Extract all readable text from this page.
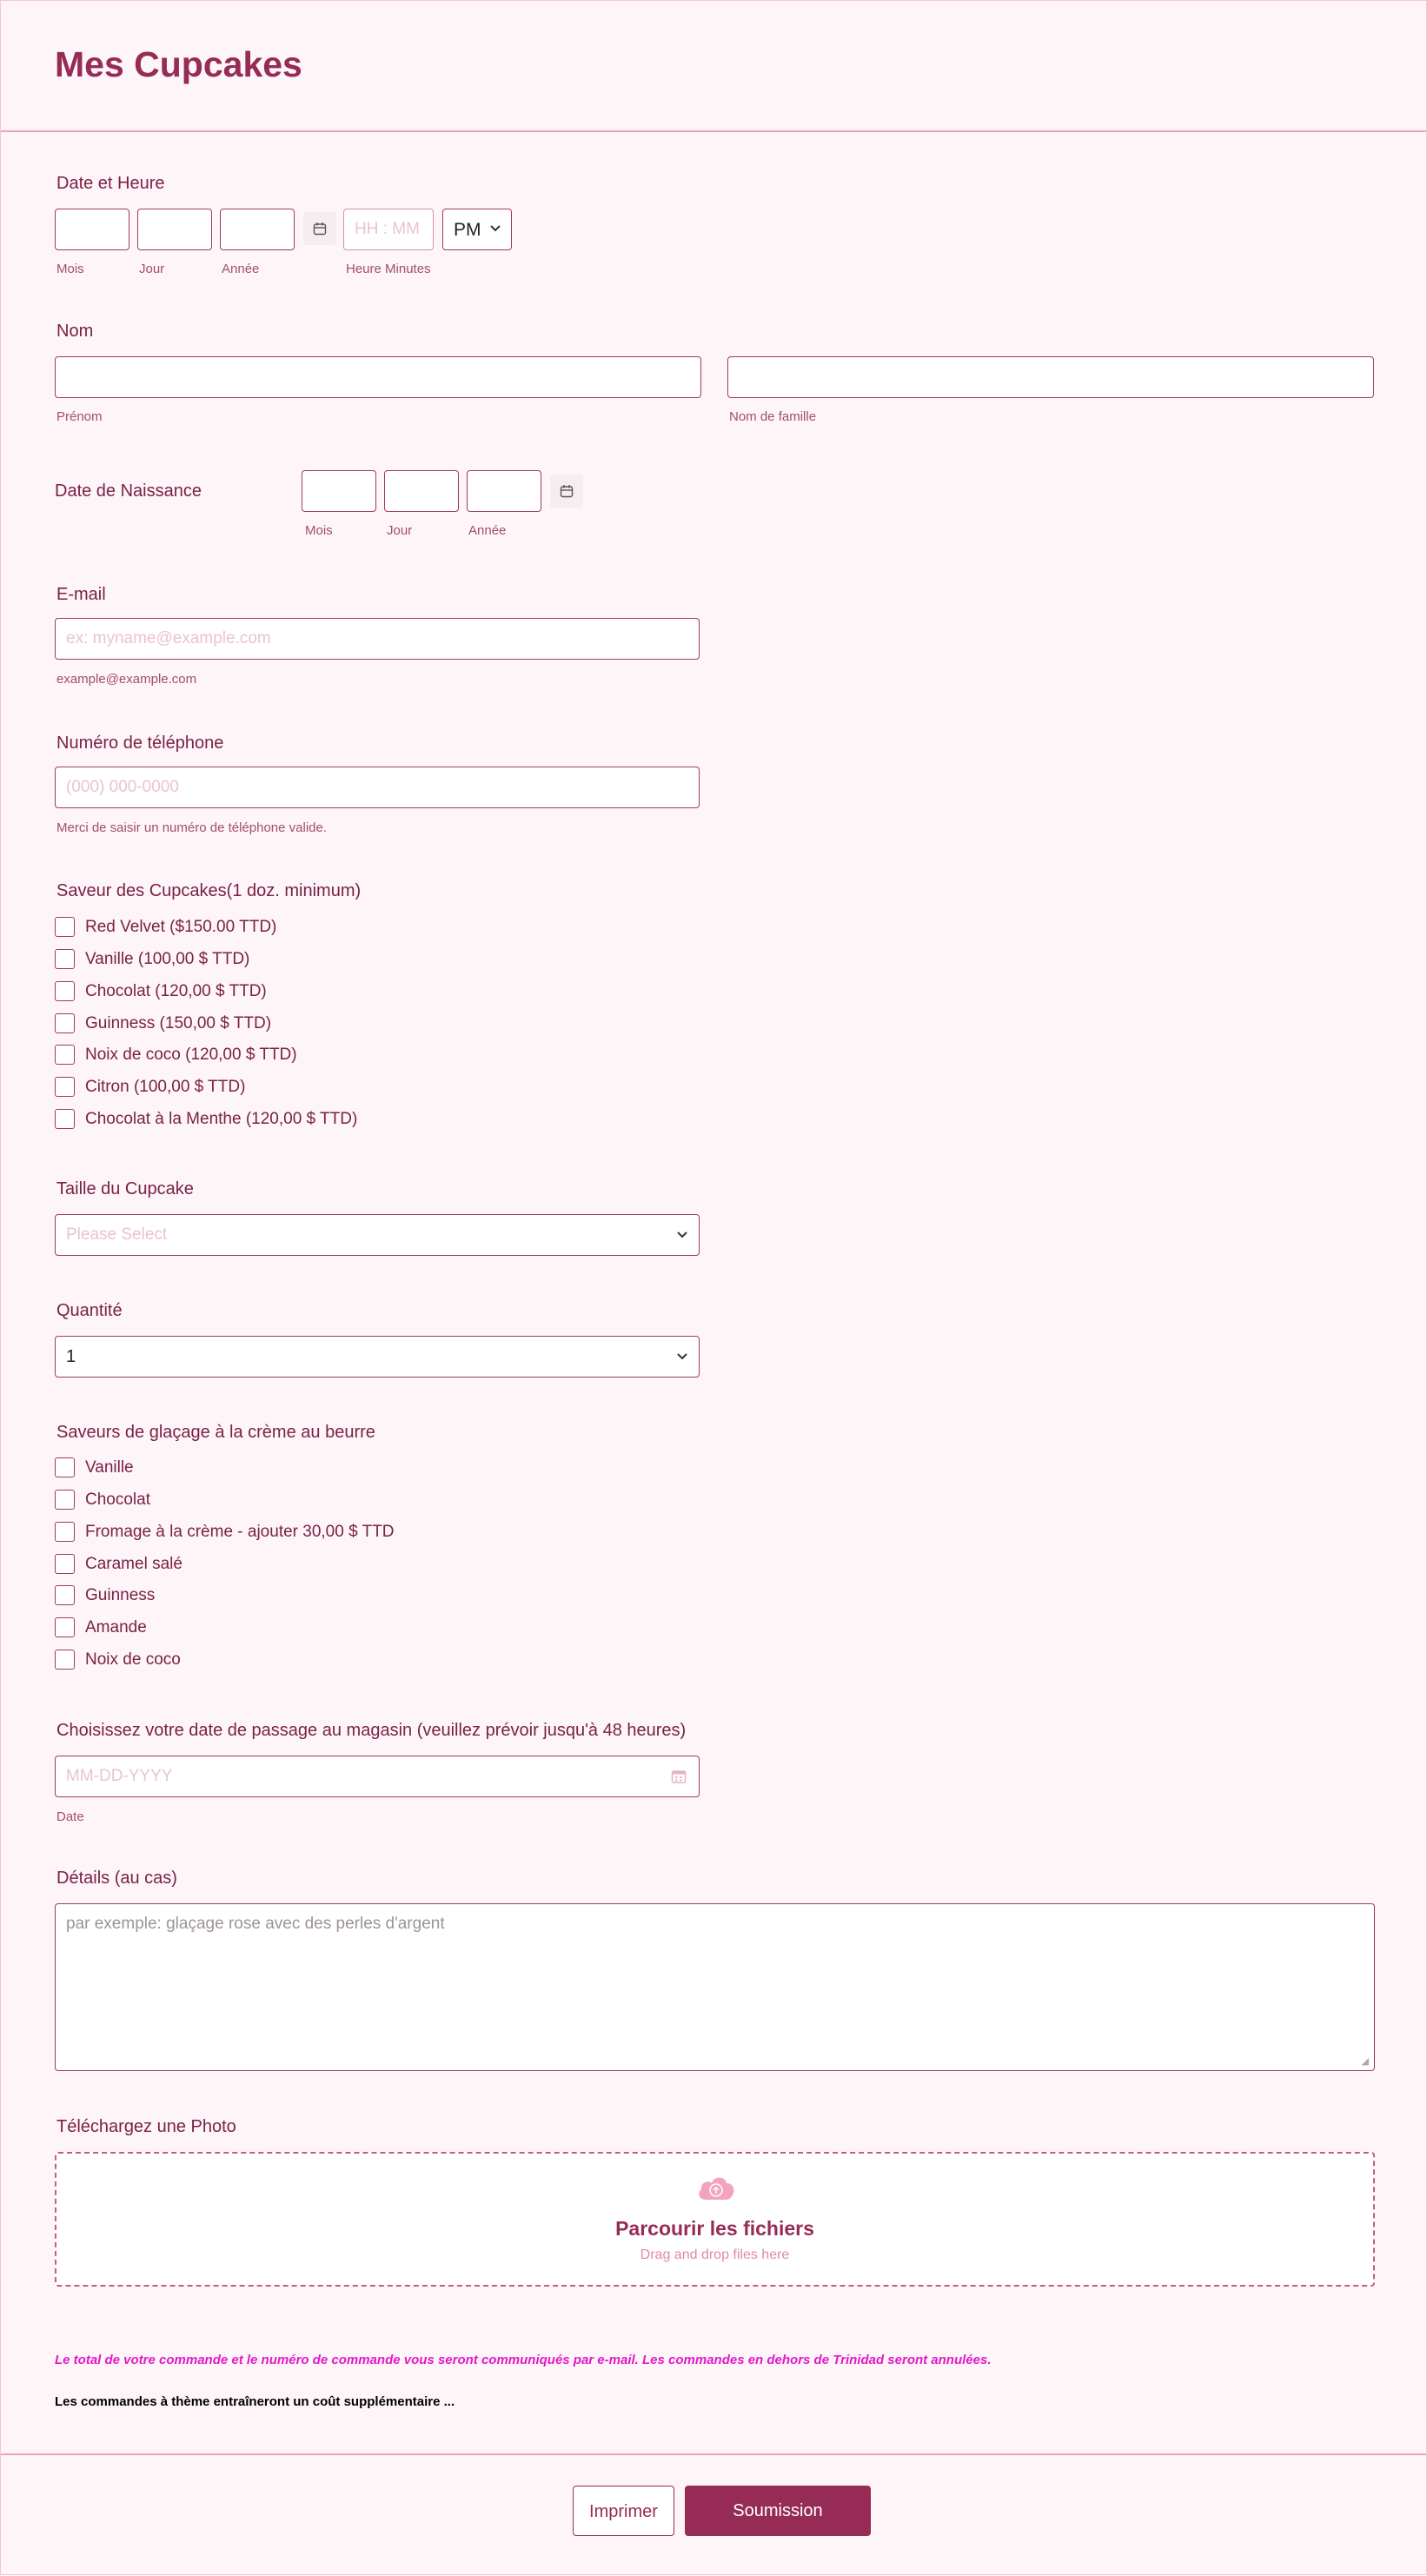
Mes Cupcakes
Date et Heure
HH : MM PM
Mois	Jour	Année	Heure Minutes
Nom
Prénom	Nom de famille
Date de Naissance
Mois	Jour	Année
E-mail
ex: myname@example.com
example@example.com
Numéro de téléphone
(000) 000-0000
Merci de saisir un numéro de téléphone valide.
Saveur des Cupcakes(1 doz. minimum)
Red Velvet ($150.00 TTD)
Vanille (100,00 $ TTD)
Chocolat (120,00 $ TTD)
Guinness (150,00 $ TTD)
Noix de coco (120,00 $ TTD)
Citron (100,00 $ TTD)
Chocolat à la Menthe (120,00 $ TTD)
Taille du Cupcake
Please Select
Quantité
1
Saveurs de glaçage à la crème au beurre
Vanille
Chocolat
Fromage à la crème - ajouter 30,00 $ TTD
Caramel salé
Guinness
Amande
Noix de coco
Choisissez votre date de passage au magasin (veuillez prévoir jusqu'à 48 heures)
MM-DD-YYYY
Date
Détails (au cas)
par exemple: glaçage rose avec des perles d'argent
◢
Téléchargez une Photo
Parcourir les fichiers
Drag and drop files here
Le total de votre commande et le numéro de commande vous seront communiqués par e-mail. Les commandes en dehors de Trinidad seront annulées.
Les commandes à thème entraîneront un coût supplémentaire ...
Imprimer	Soumission
